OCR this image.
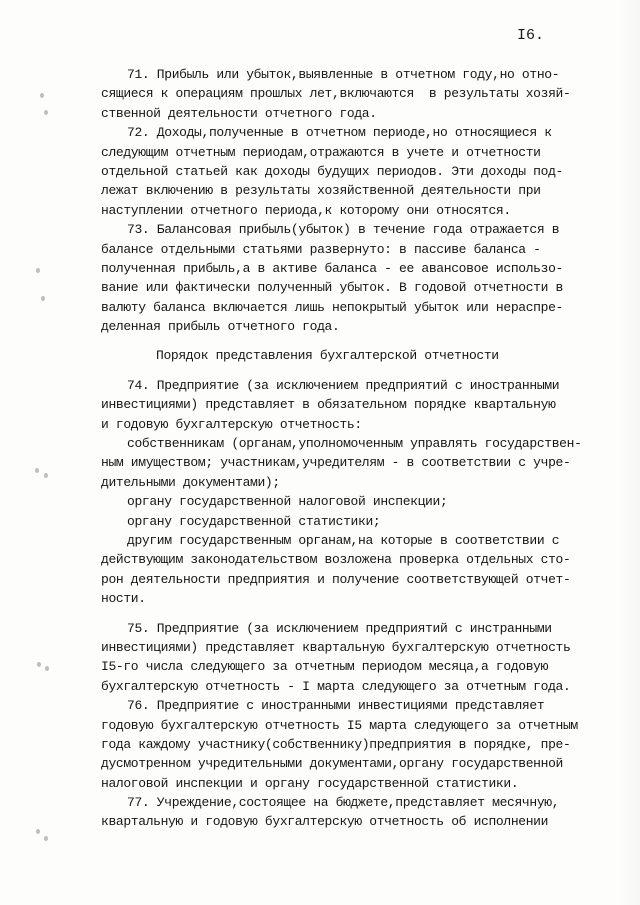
I6.
71. Прибыль или убыток,выявленные в отчетном году,но отно-
сящиеся к операциям прошлых лет,включаются  в результаты хозяй-
ственной деятельности отчетного года.
72. Доходы,полученные в отчетном периоде,но относящиеся к
следующим отчетным периодам,отражаются в учете и отчетности
отдельной статьей как доходы будущих периодов. Эти доходы под-
лежат включению в результаты хозяйственной деятельности при
наступлении отчетного периода,к которому они относятся.
73. Балансовая прибыль(убыток) в течение года отражается в
балансе отдельными статьями развернуто: в пассиве баланса -
полученная прибыль,а в активе баланса - ее авансовое использо-
вание или фактически полученный убыток. В годовой отчетности в
валюту баланса включается лишь непокрытый убыток или нераспре-
деленная прибыль отчетного года.
Порядок представления бухгалтерской отчетности
74. Предприятие (за исключением предприятий с иностранными
инвестициями) представляет в обязательном порядке квартальную
и годовую бухгалтерскую отчетность:
собственникам (органам,уполномоченным управлять государствен-
ным имуществом; участникам,учредителям - в соответствии с учре-
дительными документами);
органу государственной налоговой инспекции;
органу государственной статистики;
другим государственным органам,на которые в соответствии с
действующим законодательством возложена проверка отдельных сто-
рон деятельности предприятия и получение соответствующей отчет-
ности.
75. Предприятие (за исключением предприятий с инстранными
инвестициями) представляет квартальную бухгалтерскую отчетность
I5-го числа следующего за отчетным периодом месяца,а годовую
бухгалтерскую отчетность - I марта следующего за отчетным года.
76. Предприятие с иностранными инвестициями представляет
годовую бухгалтерскую отчетность I5 марта следующего за отчетным
года каждому участнику(собственнику)предприятия в порядке, пре-
дусмотренном учредительными документами,органу государственной
налоговой инспекции и органу государственной статистики.
77. Учреждение,состоящее на бюджете,представляет месячную,
квартальную и годовую бухгалтерскую отчетность об исполнении
